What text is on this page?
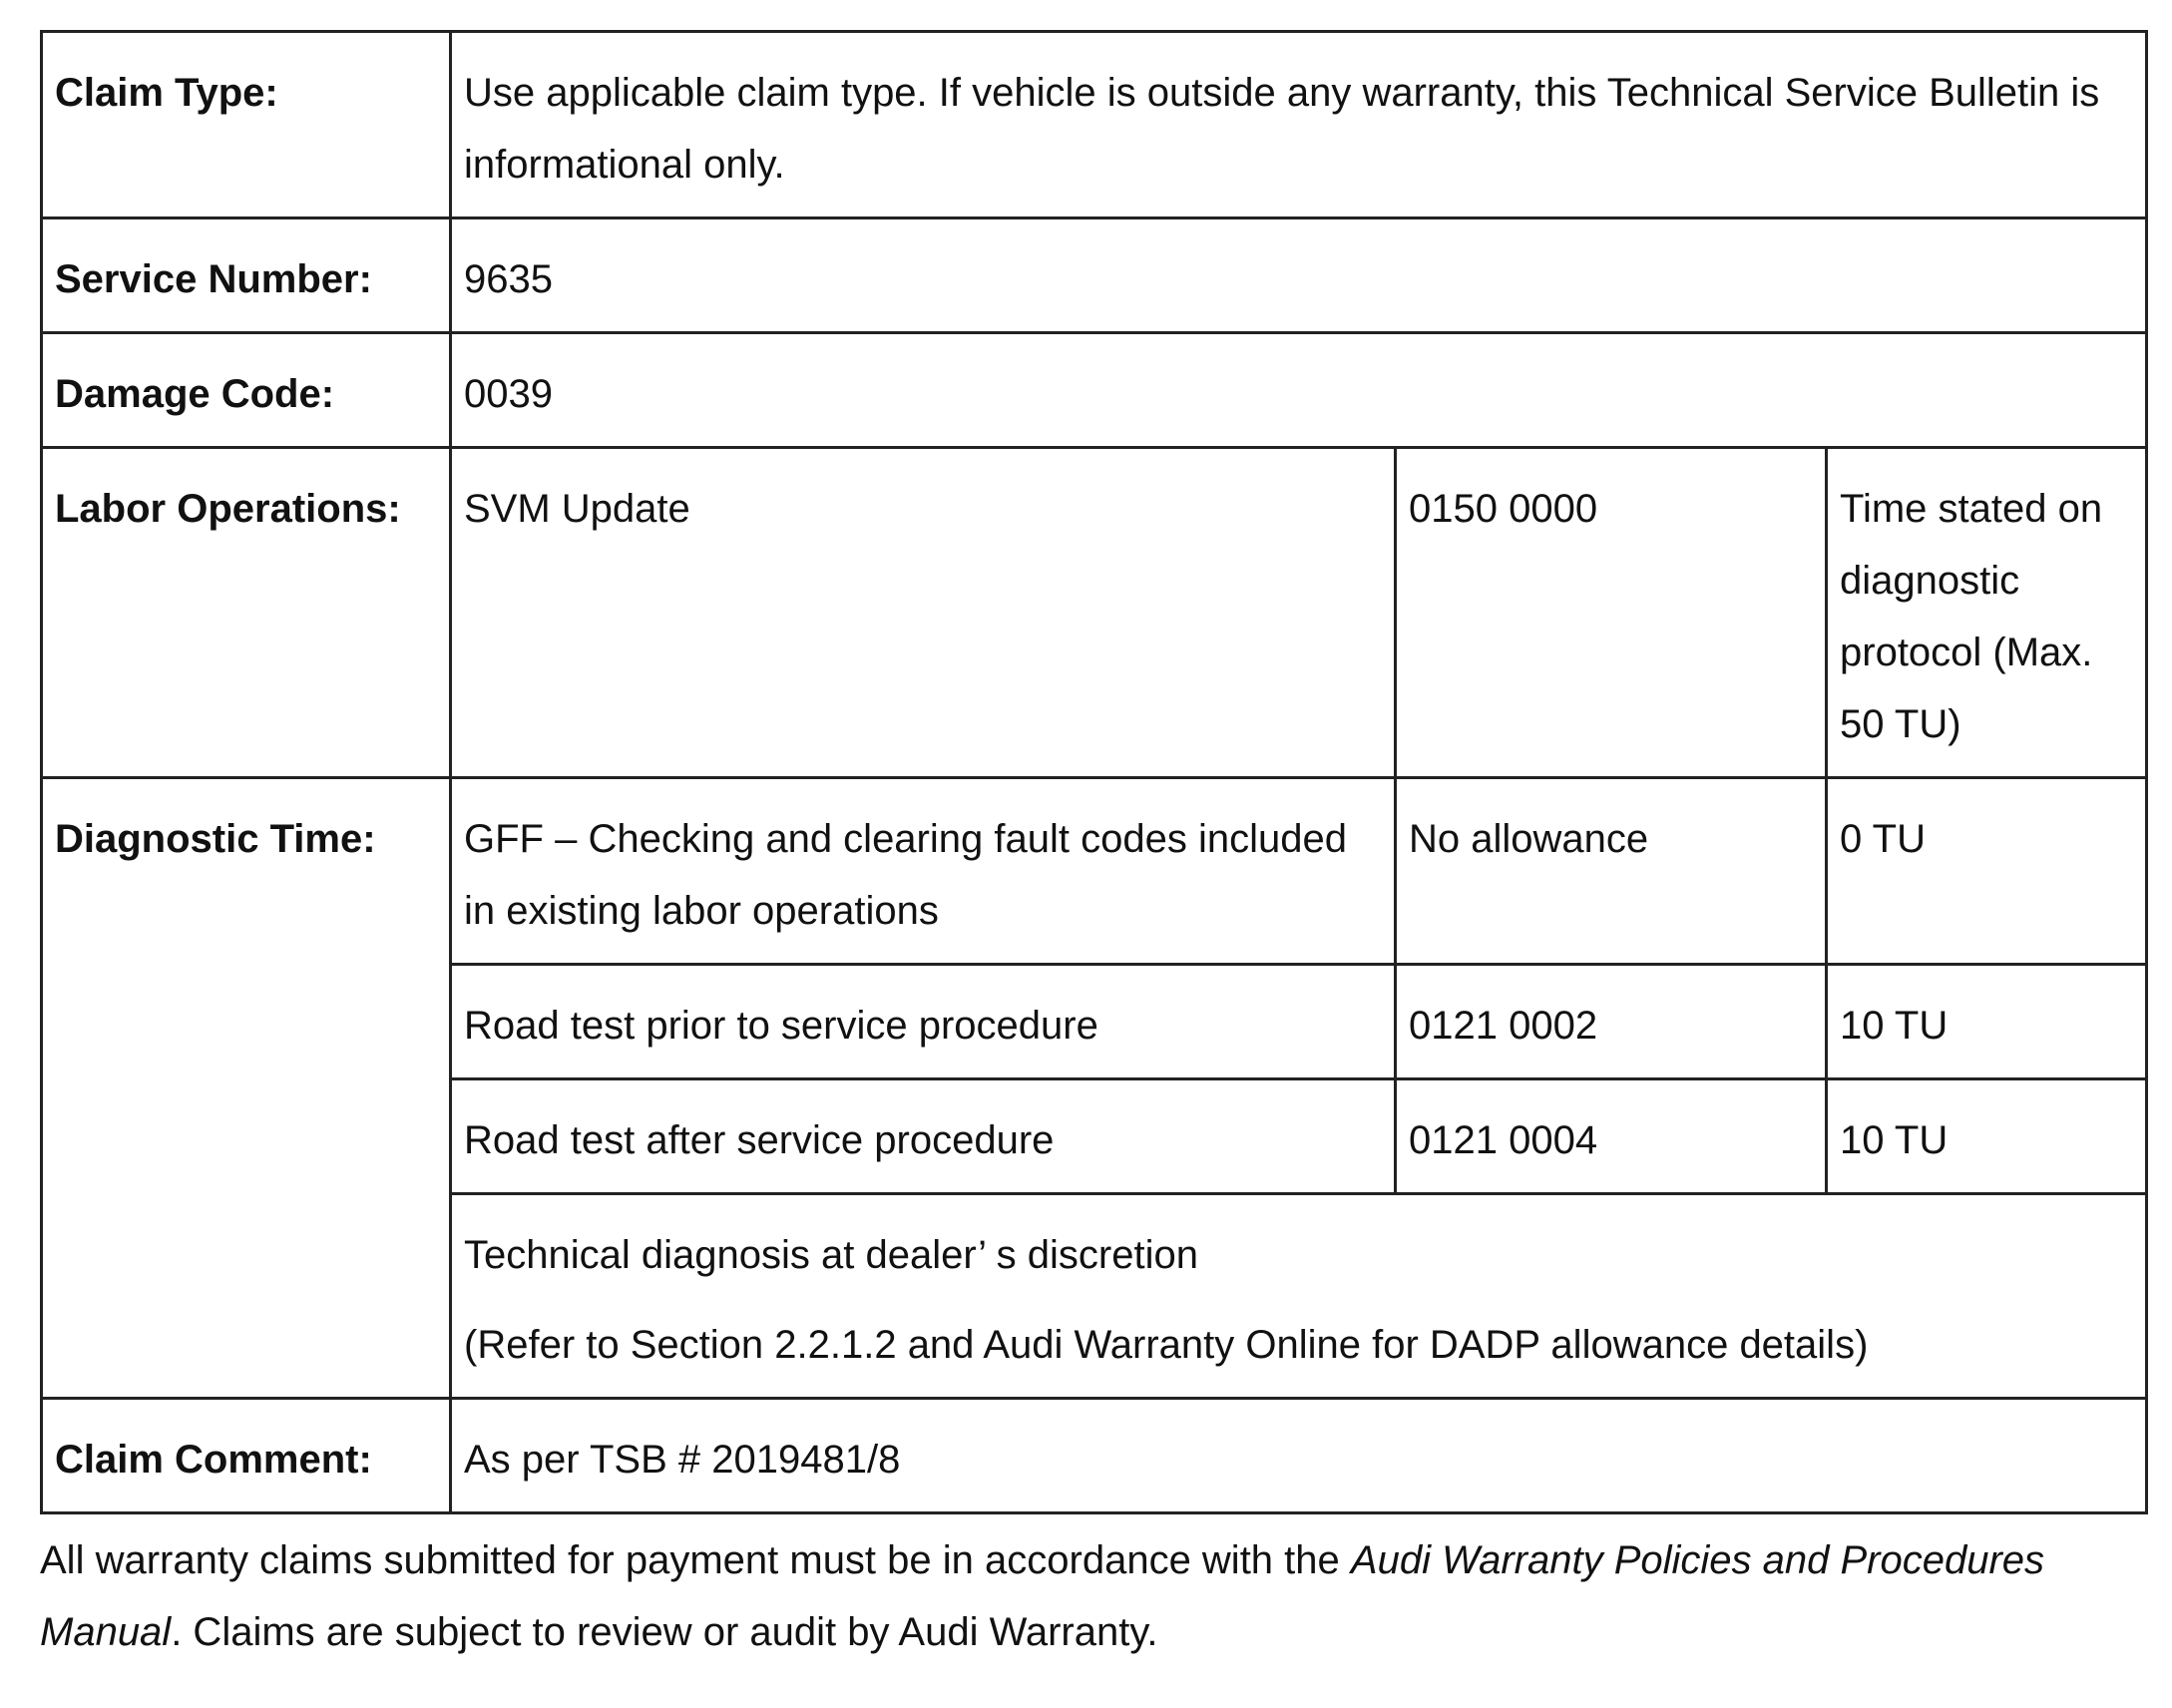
Claim Type:	Use applicable claim type. If vehicle is outside any warranty, this Technical Service Bulletin is informational only.		
Service Number:	9635		
Damage Code:	0039		
Labor Operations:	SVM Update	0150 0000	Time stated on diagnostic protocol (Max. 50 TU)
Diagnostic Time:	GFF – Checking and clearing fault codes included in existing labor operations	No allowance	0 TU
	Road test prior to service procedure	0121 0002	10 TU
	Road test after service procedure	0121 0004	10 TU

	Technical diagnosis at dealer’ s discretion
(Refer to Section 2.2.1.2 and Audi Warranty Online for DADP allowance details)		

Claim Comment:	As per TSB # 2019481/8		

All warranty claims submitted for payment must be in accordance with the Audi Warranty Policies and Procedures Manual. Claims are subject to review or audit by Audi Warranty.
